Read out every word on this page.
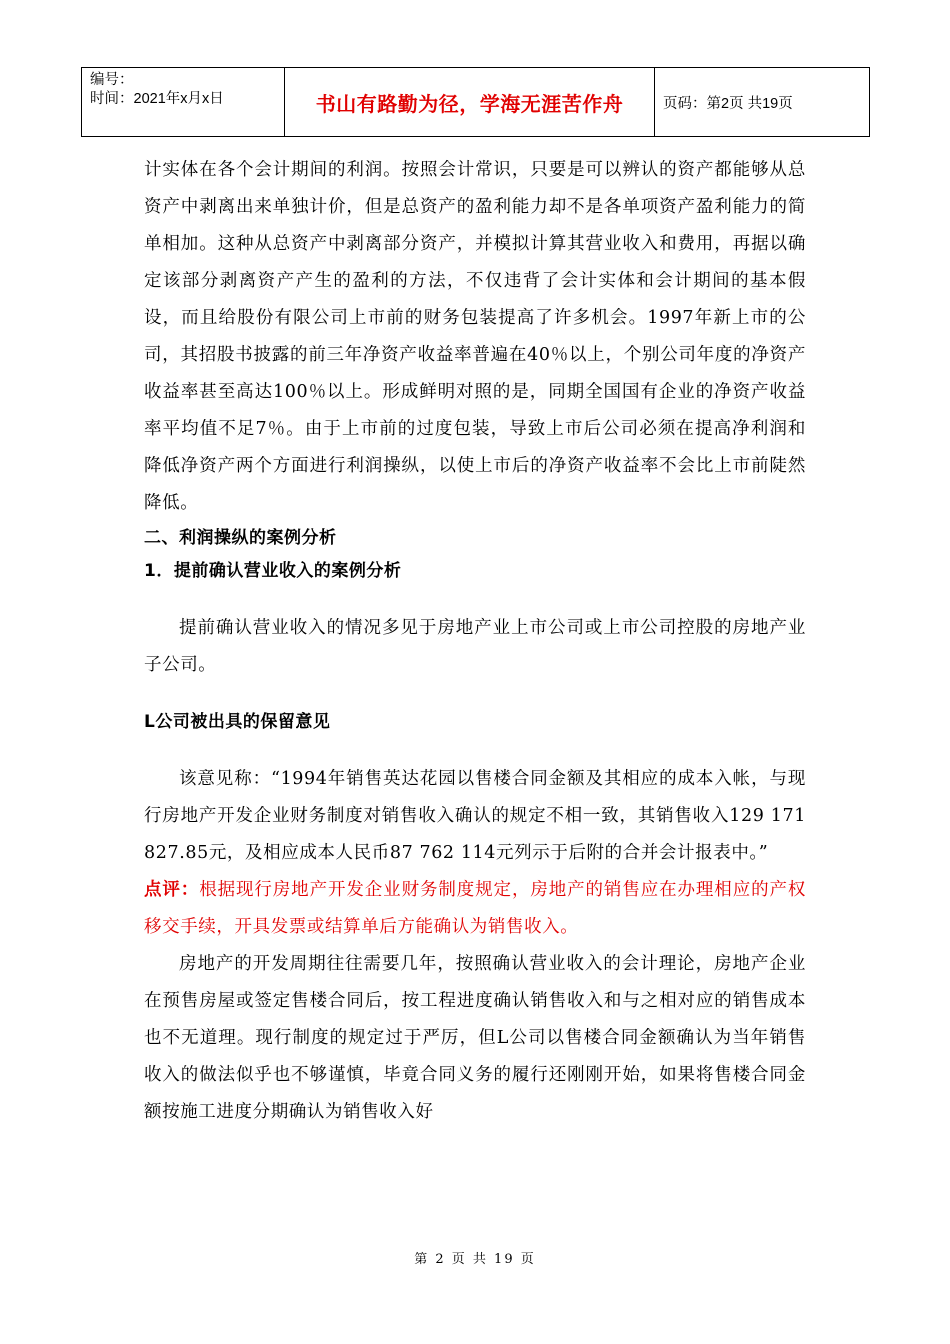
编号：
时间：2021年x月x日	书山有路勤为径，学海无涯苦作舟	页码：第2页 共19页

计实体在各个会计期间的利润。按照会计常识，只要是可以辨认的资产都能够从总资产中剥离出来单独计价，但是总资产的盈利能力却不是各单项资产盈利能力的简单相加。这种从总资产中剥离部分资产，并模拟计算其营业收入和费用，再据以确定该部分剥离资产产生的盈利的方法，不仅违背了会计实体和会计期间的基本假设，而且给股份有限公司上市前的财务包装提高了许多机会。1997年新上市的公司，其招股书披露的前三年净资产收益率普遍在40％以上，个别公司年度的净资产收益率甚至高达100％以上。形成鲜明对照的是，同期全国国有企业的净资产收益率平均值不足7％。由于上市前的过度包装，导致上市后公司必须在提高净利润和降低净资产两个方面进行利润操纵，以使上市后的净资产收益率不会比上市前陡然降低。

二、利润操纵的案例分析

1．提前确认营业收入的案例分析

提前确认营业收入的情况多见于房地产业上市公司或上市公司控股的房地产业子公司。

L公司被出具的保留意见

该意见称：“1994年销售英达花园以售楼合同金额及其相应的成本入帐，与现行房地产开发企业财务制度对销售收入确认的规定不相一致，其销售收入129 171 827.85元，及相应成本人民币87 762 114元列示于后附的合并会计报表中。”

点评：根据现行房地产开发企业财务制度规定，房地产的销售应在办理相应的产权移交手续，开具发票或结算单后方能确认为销售收入。

房地产的开发周期往往需要几年，按照确认营业收入的会计理论，房地产企业在预售房屋或签定售楼合同后，按工程进度确认销售收入和与之相对应的销售成本也不无道理。现行制度的规定过于严厉，但L公司以售楼合同金额确认为当年销售收入的做法似乎也不够谨慎，毕竟合同义务的履行还刚刚开始，如果将售楼合同金额按施工进度分期确认为销售收入好

第 2 页 共 19 页
